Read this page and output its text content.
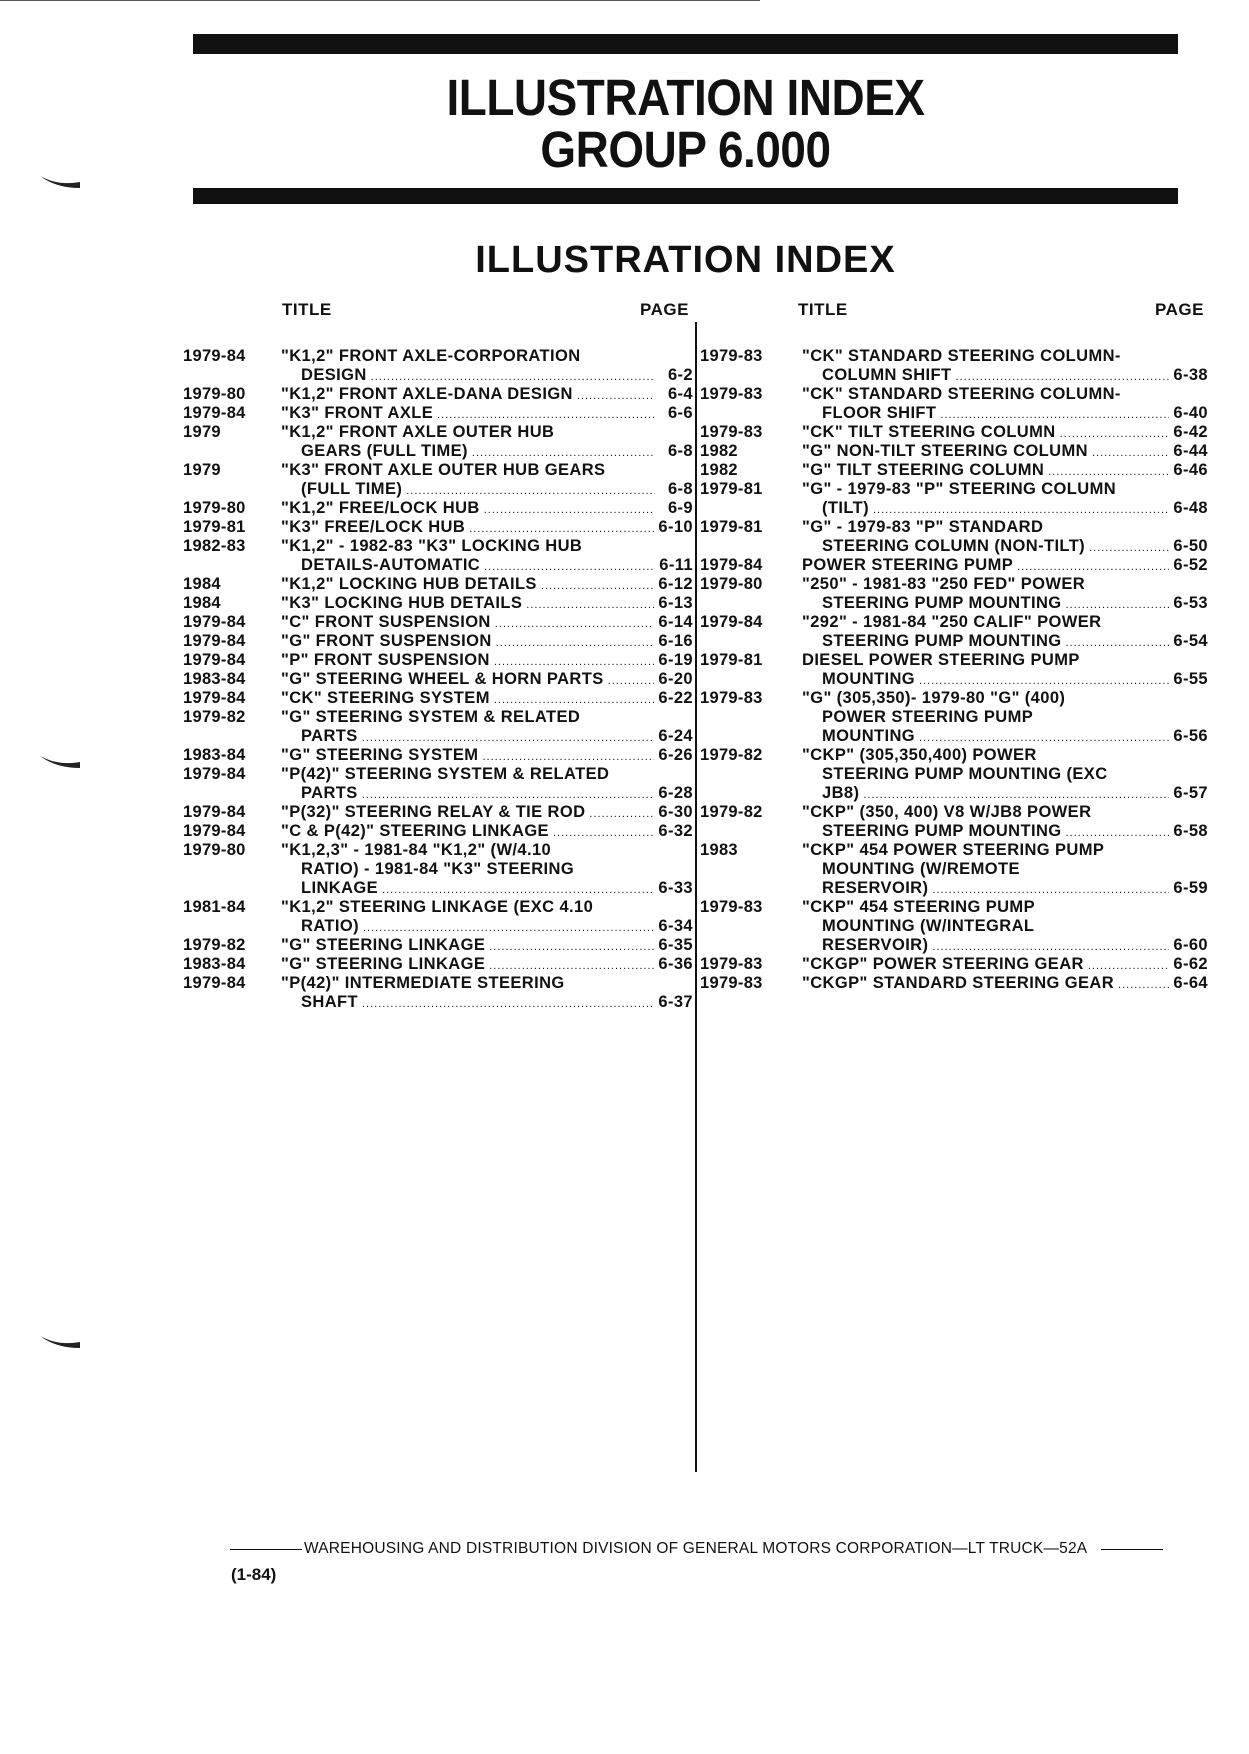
ILLUSTRATION INDEX
GROUP 6.000
ILLUSTRATION INDEX
TITLE	PAGE	TITLE	PAGE
1979-84	"K1,2" FRONT AXLE-CORPORATION
DESIGN .....	6-2
1979-80	"K1,2" FRONT AXLE-DANA DESIGN .....	6-4
1979-84	"K3" FRONT AXLE .....	6-6
1979	"K1,2" FRONT AXLE OUTER HUB
GEARS (FULL TIME) .....	6-8
1979	"K3" FRONT AXLE OUTER HUB GEARS
(FULL TIME) .....	6-8
1979-80	"K1,2" FREE/LOCK HUB .....	6-9
1979-81	"K3" FREE/LOCK HUB .....	6-10
1982-83	"K1,2" - 1982-83 "K3" LOCKING HUB
DETAILS-AUTOMATIC .....	6-11
1984	"K1,2" LOCKING HUB DETAILS .....	6-12
1984	"K3" LOCKING HUB DETAILS .....	6-13
1979-84	"C" FRONT SUSPENSION .....	6-14
1979-84	"G" FRONT SUSPENSION .....	6-16
1979-84	"P" FRONT SUSPENSION .....	6-19
1983-84	"G" STEERING WHEEL & HORN PARTS .....	6-20
1979-84	"CK" STEERING SYSTEM .....	6-22
1979-82	"G" STEERING SYSTEM & RELATED
PARTS .....	6-24
1983-84	"G" STEERING SYSTEM .....	6-26
1979-84	"P(42)" STEERING SYSTEM & RELATED
PARTS .....	6-28
1979-84	"P(32)" STEERING RELAY & TIE ROD .....	6-30
1979-84	"C & P(42)" STEERING LINKAGE .....	6-32
1979-80	"K1,2,3" - 1981-84 "K1,2" (W/4.10
RATIO) - 1981-84 "K3" STEERING
LINKAGE .....	6-33
1981-84	"K1,2" STEERING LINKAGE (EXC 4.10
RATIO) .....	6-34
1979-82	"G" STEERING LINKAGE .....	6-35
1983-84	"G" STEERING LINKAGE .....	6-36
1979-84	"P(42)" INTERMEDIATE STEERING
SHAFT .....	6-37
1979-83	"CK" STANDARD STEERING COLUMN-
COLUMN SHIFT .....	6-38
1979-83	"CK" STANDARD STEERING COLUMN-
FLOOR SHIFT .....	6-40
1979-83	"CK" TILT STEERING COLUMN .....	6-42
1982	"G" NON-TILT STEERING COLUMN .....	6-44
1982	"G" TILT STEERING COLUMN .....	6-46
1979-81	"G" - 1979-83 "P" STEERING COLUMN
(TILT) .....	6-48
1979-81	"G" - 1979-83 "P" STANDARD
STEERING COLUMN (NON-TILT) .....	6-50
1979-84	POWER STEERING PUMP .....	6-52
1979-80	"250" - 1981-83 "250 FED" POWER
STEERING PUMP MOUNTING .....	6-53
1979-84	"292" - 1981-84 "250 CALIF" POWER
STEERING PUMP MOUNTING .....	6-54
1979-81	DIESEL POWER STEERING PUMP
MOUNTING .....	6-55
1979-83	"G" (305,350)- 1979-80 "G" (400)
POWER STEERING PUMP
MOUNTING .....	6-56
1979-82	"CKP" (305,350,400) POWER
STEERING PUMP MOUNTING (EXC
JB8) .....	6-57
1979-82	"CKP" (350, 400) V8 W/JB8 POWER
STEERING PUMP MOUNTING .....	6-58
1983	"CKP" 454 POWER STEERING PUMP
MOUNTING (W/REMOTE
RESERVOIR) .....	6-59
1979-83	"CKP" 454 STEERING PUMP
MOUNTING (W/INTEGRAL
RESERVOIR) .....	6-60
1979-83	"CKGP" POWER STEERING GEAR .....	6-62
1979-83	"CKGP" STANDARD STEERING GEAR .....	6-64
WAREHOUSING AND DISTRIBUTION DIVISION OF GENERAL MOTORS CORPORATION—LT TRUCK—52A
(1-84)
